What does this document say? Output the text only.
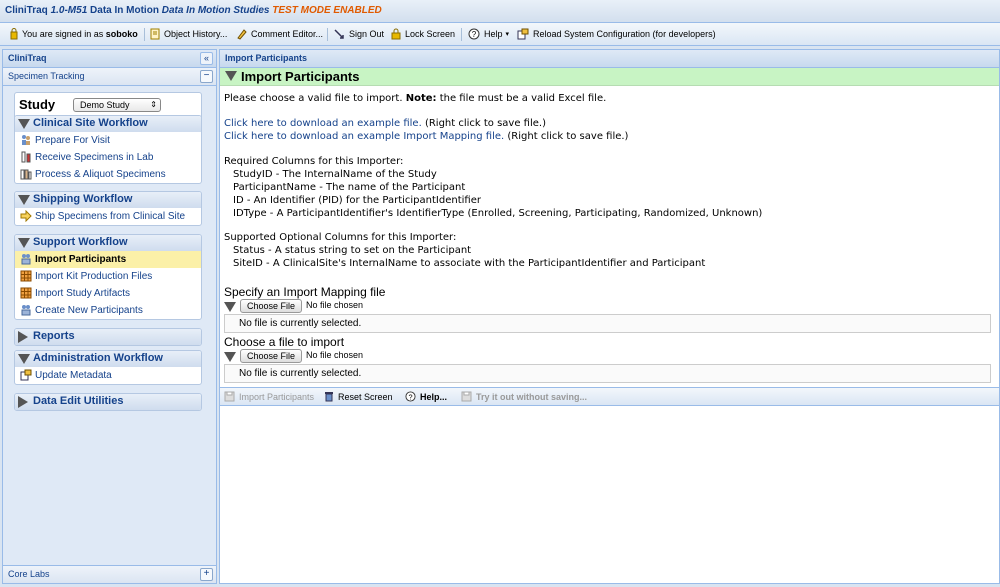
CliniTraq 1.0-M51 Data In Motion Data In Motion Studies TEST MODE ENABLED
You are signed in as
soboko	Object History...	Comment Editor...	Sign Out Lock Screen ? Help ▾	Reload System Configuration (for developers)
CliniTraq	«
Specimen Tracking	−
Study	Demo Study	⇕
Clinical Site Workflow
Prepare For Visit
Receive Specimens in Lab
Process & Aliquot Specimens
Shipping Workflow
Ship Specimens from Clinical Site
Support Workflow
Import Participants
Import Kit Production Files
Import Study Artifacts
Create New Participants
Reports
Administration Workflow
Update Metadata
Data Edit Utilities
Core Labs	+
Import Participants
Import Participants
Please choose a valid file to import. Note: the file must be a valid Excel file.
Click here to download an example file. (Right click to save file.)
Click here to download an example Import Mapping file. (Right click to save file.)
Required Columns for this Importer:
StudyID - The InternalName of the Study
ParticipantName - The name of the Participant
ID - An Identifier (PID) for the ParticipantIdentifier
IDType - A ParticipantIdentifier's IdentifierType (Enrolled, Screening, Participating, Randomized, Unknown)
Supported Optional Columns for this Importer:
Status - A status string to set on the Participant
SiteID - A ClinicalSite's InternalName to associate with the ParticipantIdentifier and Participant
Specify an Import Mapping file
Choose File	No file chosen
No file is currently selected.
Choose a file to import
Choose File	No file chosen
No file is currently selected.
Import Participants	Reset Screen ? Help...	Try it out without saving...
